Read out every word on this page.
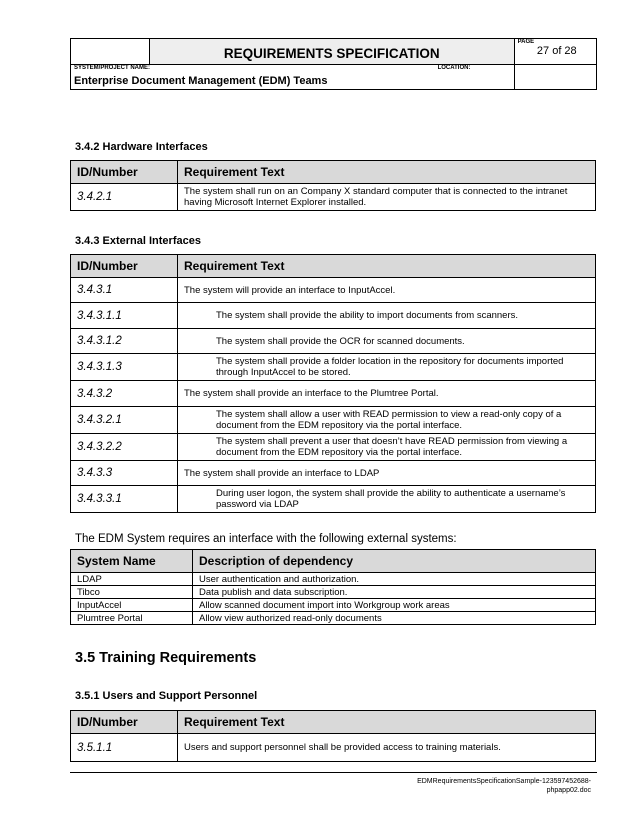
	REQUIREMENTS SPECIFICATION	PAGE
27 of 28

SYSTEM/PROJECT NAME:
Enterprise Document Management (EDM) Teams		LOCATION:
3.4.2 Hardware Interfaces
ID/Number	Requirement Text
3.4.2.1	The system shall run on an Company X standard computer that is connected to the intranet having Microsoft Internet Explorer installed.
3.4.3 External Interfaces
ID/Number	Requirement Text
3.4.3.1	The system will provide an interface to InputAccel.
3.4.3.1.1	The system shall provide the ability to import documents from scanners.
3.4.3.1.2	The system shall provide the OCR for scanned documents.
3.4.3.1.3	The system shall provide a folder location in the repository for documents imported through InputAccel to be stored.
3.4.3.2	The system shall provide an interface to the Plumtree Portal.
3.4.3.2.1	The system shall allow a user with READ permission to view a read-only copy of a document from the EDM repository via the portal interface.
3.4.3.2.2	The system shall prevent a user that doesn’t have READ permission from viewing a document from the EDM repository via the portal interface.
3.4.3.3	The system shall provide an interface to LDAP
3.4.3.3.1	During user logon, the system shall provide the ability to authenticate a username’s password via LDAP
The EDM System requires an interface with the following external systems:
System Name	Description of dependency
LDAP	User authentication and authorization.
Tibco	Data publish and data subscription.
InputAccel	Allow scanned document import into Workgroup work areas
Plumtree Portal	Allow view authorized read-only documents
3.5 Training Requirements
3.5.1 Users and Support Personnel
ID/Number	Requirement Text
3.5.1.1	Users and support personnel shall be provided access to training materials.
EDMRequirementsSpecificationSample-123597452688-
phpapp02.doc
